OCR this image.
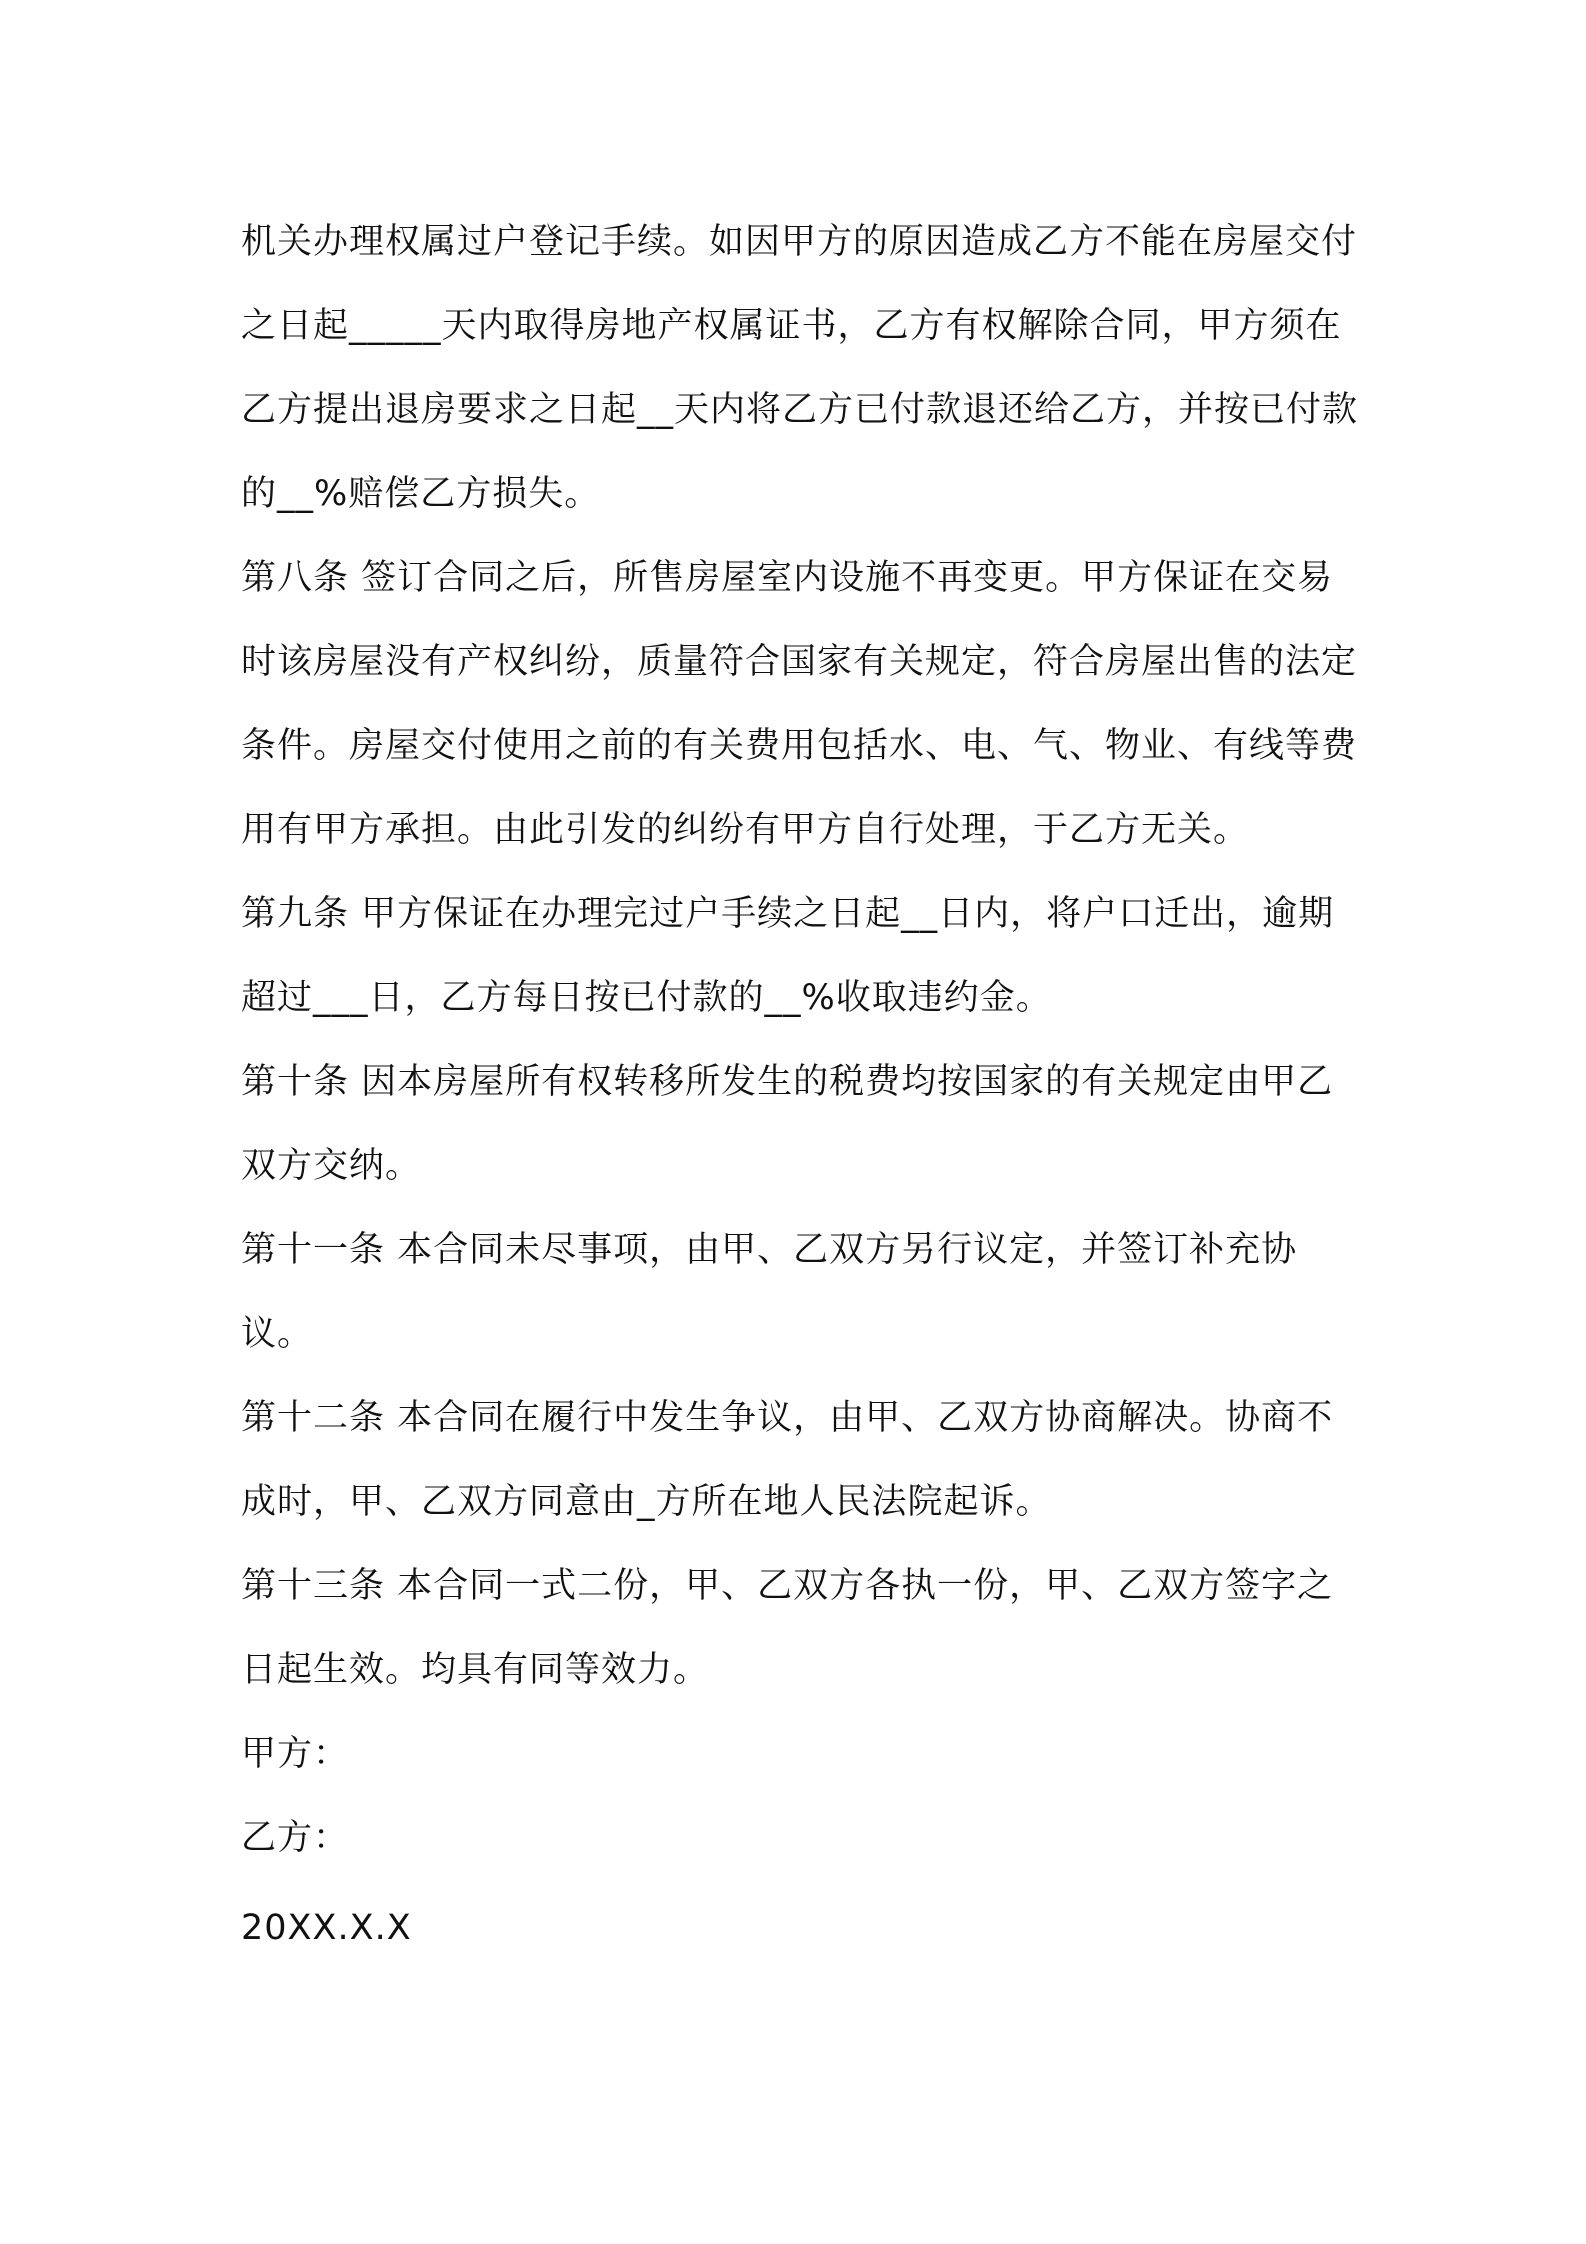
机关办理权属过户登记手续。如因甲方的原因造成乙方不能在房屋交付之日起_____天内取得房地产权属证书，乙方有权解除合同，甲方须在乙方提出退房要求之日起__天内将乙方已付款退还给乙方，并按已付款的__%赔偿乙方损失。

第八条 签订合同之后，所售房屋室内设施不再变更。甲方保证在交易时该房屋没有产权纠纷，质量符合国家有关规定，符合房屋出售的法定条件。房屋交付使用之前的有关费用包括水、电、气、物业、有线等费用有甲方承担。由此引发的纠纷有甲方自行处理，于乙方无关。

第九条 甲方保证在办理完过户手续之日起__日内，将户口迁出，逾期超过___日，乙方每日按已付款的__%收取违约金。

第十条 因本房屋所有权转移所发生的税费均按国家的有关规定由甲乙双方交纳。

第十一条 本合同未尽事项，由甲、乙双方另行议定，并签订补充协议。

第十二条 本合同在履行中发生争议，由甲、乙双方协商解决。协商不成时，甲、乙双方同意由_方所在地人民法院起诉。

第十三条 本合同一式二份，甲、乙双方各执一份，甲、乙双方签字之日起生效。均具有同等效力。

甲方：

乙方：

20XX.X.X
